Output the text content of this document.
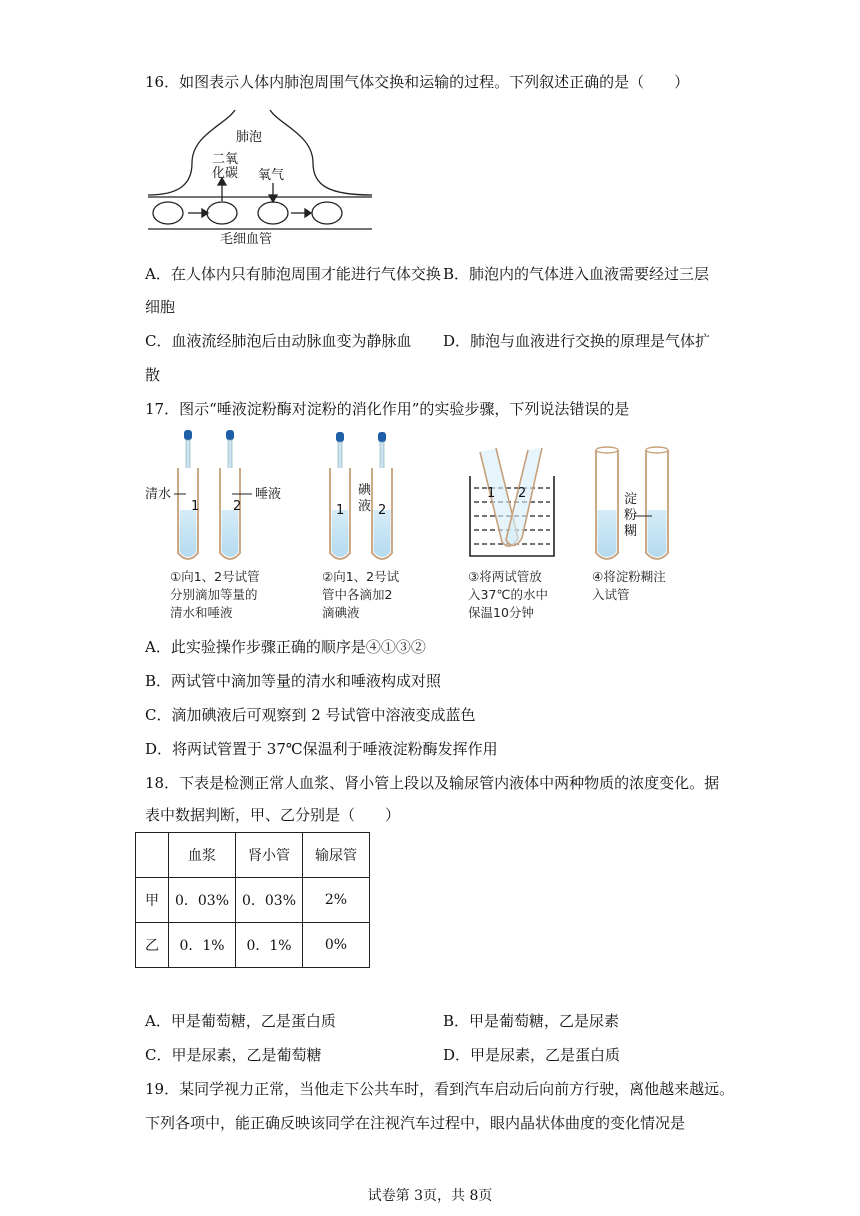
16．如图表示人体内肺泡周围气体交换和运输的过程。下列叙述正确的是（　　）
肺泡
二氧
化碳 氧气
毛细血管
A．在人体内只有肺泡周围才能进行气体交换 B．肺泡内的气体进入血液需要经过三层
细胞
C．血液流经肺泡后由动脉血变为静脉血 D．肺泡与血液进行交换的原理是气体扩
散
17．图示“唾液淀粉酶对淀粉的消化作用”的实验步骤，下列说法错误的是
清水	唾液
1	2
碘
液
1	2
1 2	淀
粉
糊
①向1、2号试管
分别滴加等量的
清水和唾液
②向1、2号试
管中各滴加2
滴碘液
③将两试管放
入37℃的水中
保温10分钟
④将淀粉糊注
入试管
A．此实验操作步骤正确的顺序是④①③②
B．两试管中滴加等量的清水和唾液构成对照
C．滴加碘液后可观察到 2 号试管中溶液变成蓝色
D．将两试管置于 37℃保温利于唾液淀粉酶发挥作用
18．下表是检测正常人血浆、肾小管上段以及输尿管内液体中两种物质的浓度变化。据
表中数据判断，甲、乙分别是（　　）
	血浆	肾小管	输尿管
甲	0．03%	0．03%	2%
乙	0．1%	0．1%	0%
A．甲是葡萄糖，乙是蛋白质	B．甲是葡萄糖，乙是尿素
C．甲是尿素，乙是葡萄糖	D．甲是尿素，乙是蛋白质
19．某同学视力正常，当他走下公共车时，看到汽车启动后向前方行驶，离他越来越远。
下列各项中，能正确反映该同学在注视汽车过程中，眼内晶状体曲度的变化情况是
试卷第 3页，共 8页
